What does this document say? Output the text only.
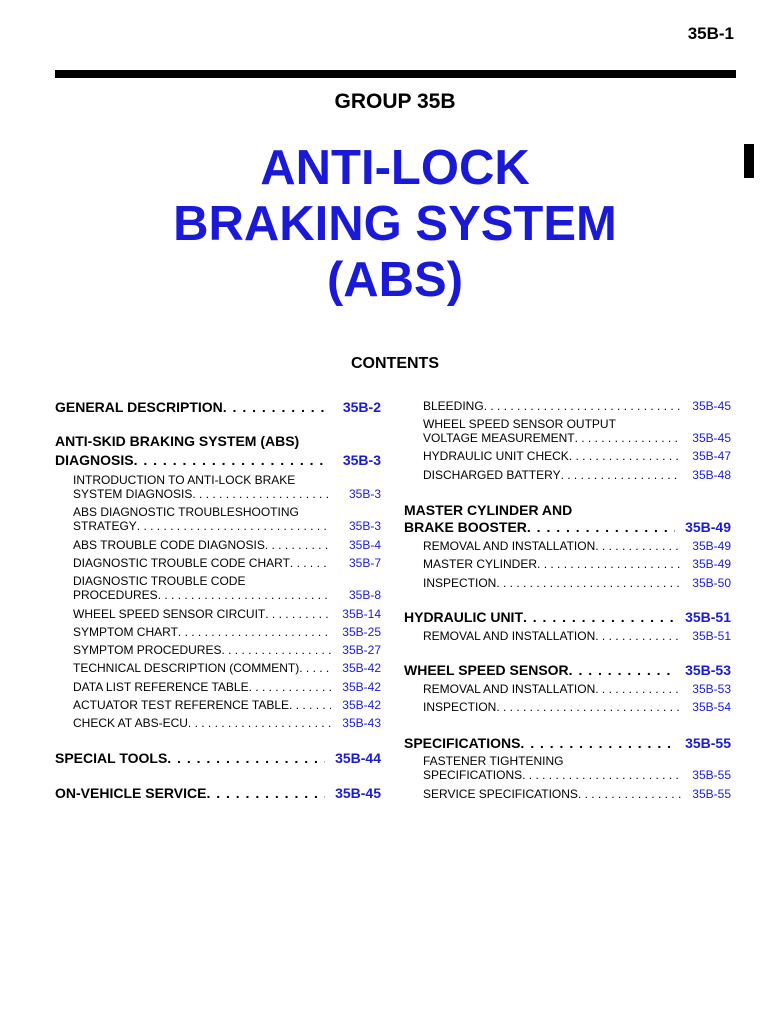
35B-1
GROUP 35B
ANTI-LOCK
BRAKING SYSTEM
(ABS)
CONTENTS
GENERAL DESCRIPTION . . .	35B-2
ANTI-SKID BRAKING SYSTEM (ABS)
DIAGNOSIS . . .	35B-3
INTRODUCTION TO ANTI-LOCK BRAKE
SYSTEM DIAGNOSIS . . .	35B-3
ABS DIAGNOSTIC TROUBLESHOOTING
STRATEGY . . .	35B-3
ABS TROUBLE CODE DIAGNOSIS . . .	35B-4
DIAGNOSTIC TROUBLE CODE CHART . . .	35B-7
DIAGNOSTIC TROUBLE CODE
PROCEDURES . . .	35B-8
WHEEL SPEED SENSOR CIRCUIT . . .	35B-14
SYMPTOM CHART . . .	35B-25
SYMPTOM PROCEDURES . . .	35B-27
TECHNICAL DESCRIPTION (COMMENT) . . .	35B-42
DATA LIST REFERENCE TABLE . . .	35B-42
ACTUATOR TEST REFERENCE TABLE . . .	35B-42
CHECK AT ABS-ECU . . .	35B-43
SPECIAL TOOLS . . .	35B-44
ON-VEHICLE SERVICE . . .	35B-45
BLEEDING . . .	35B-45
WHEEL SPEED SENSOR OUTPUT
VOLTAGE MEASUREMENT . . .	35B-45
HYDRAULIC UNIT CHECK . . .	35B-47
DISCHARGED BATTERY . . .	35B-48
MASTER CYLINDER AND
BRAKE BOOSTER . . .	35B-49
REMOVAL AND INSTALLATION . . .	35B-49
MASTER CYLINDER . . .	35B-49
INSPECTION . . .	35B-50
HYDRAULIC UNIT . . .	35B-51
REMOVAL AND INSTALLATION . . .	35B-51
WHEEL SPEED SENSOR . . .	35B-53
REMOVAL AND INSTALLATION . . .	35B-53
INSPECTION . . .	35B-54
SPECIFICATIONS . . .	35B-55
FASTENER TIGHTENING
SPECIFICATIONS . . .	35B-55
SERVICE SPECIFICATIONS . . .	35B-55
